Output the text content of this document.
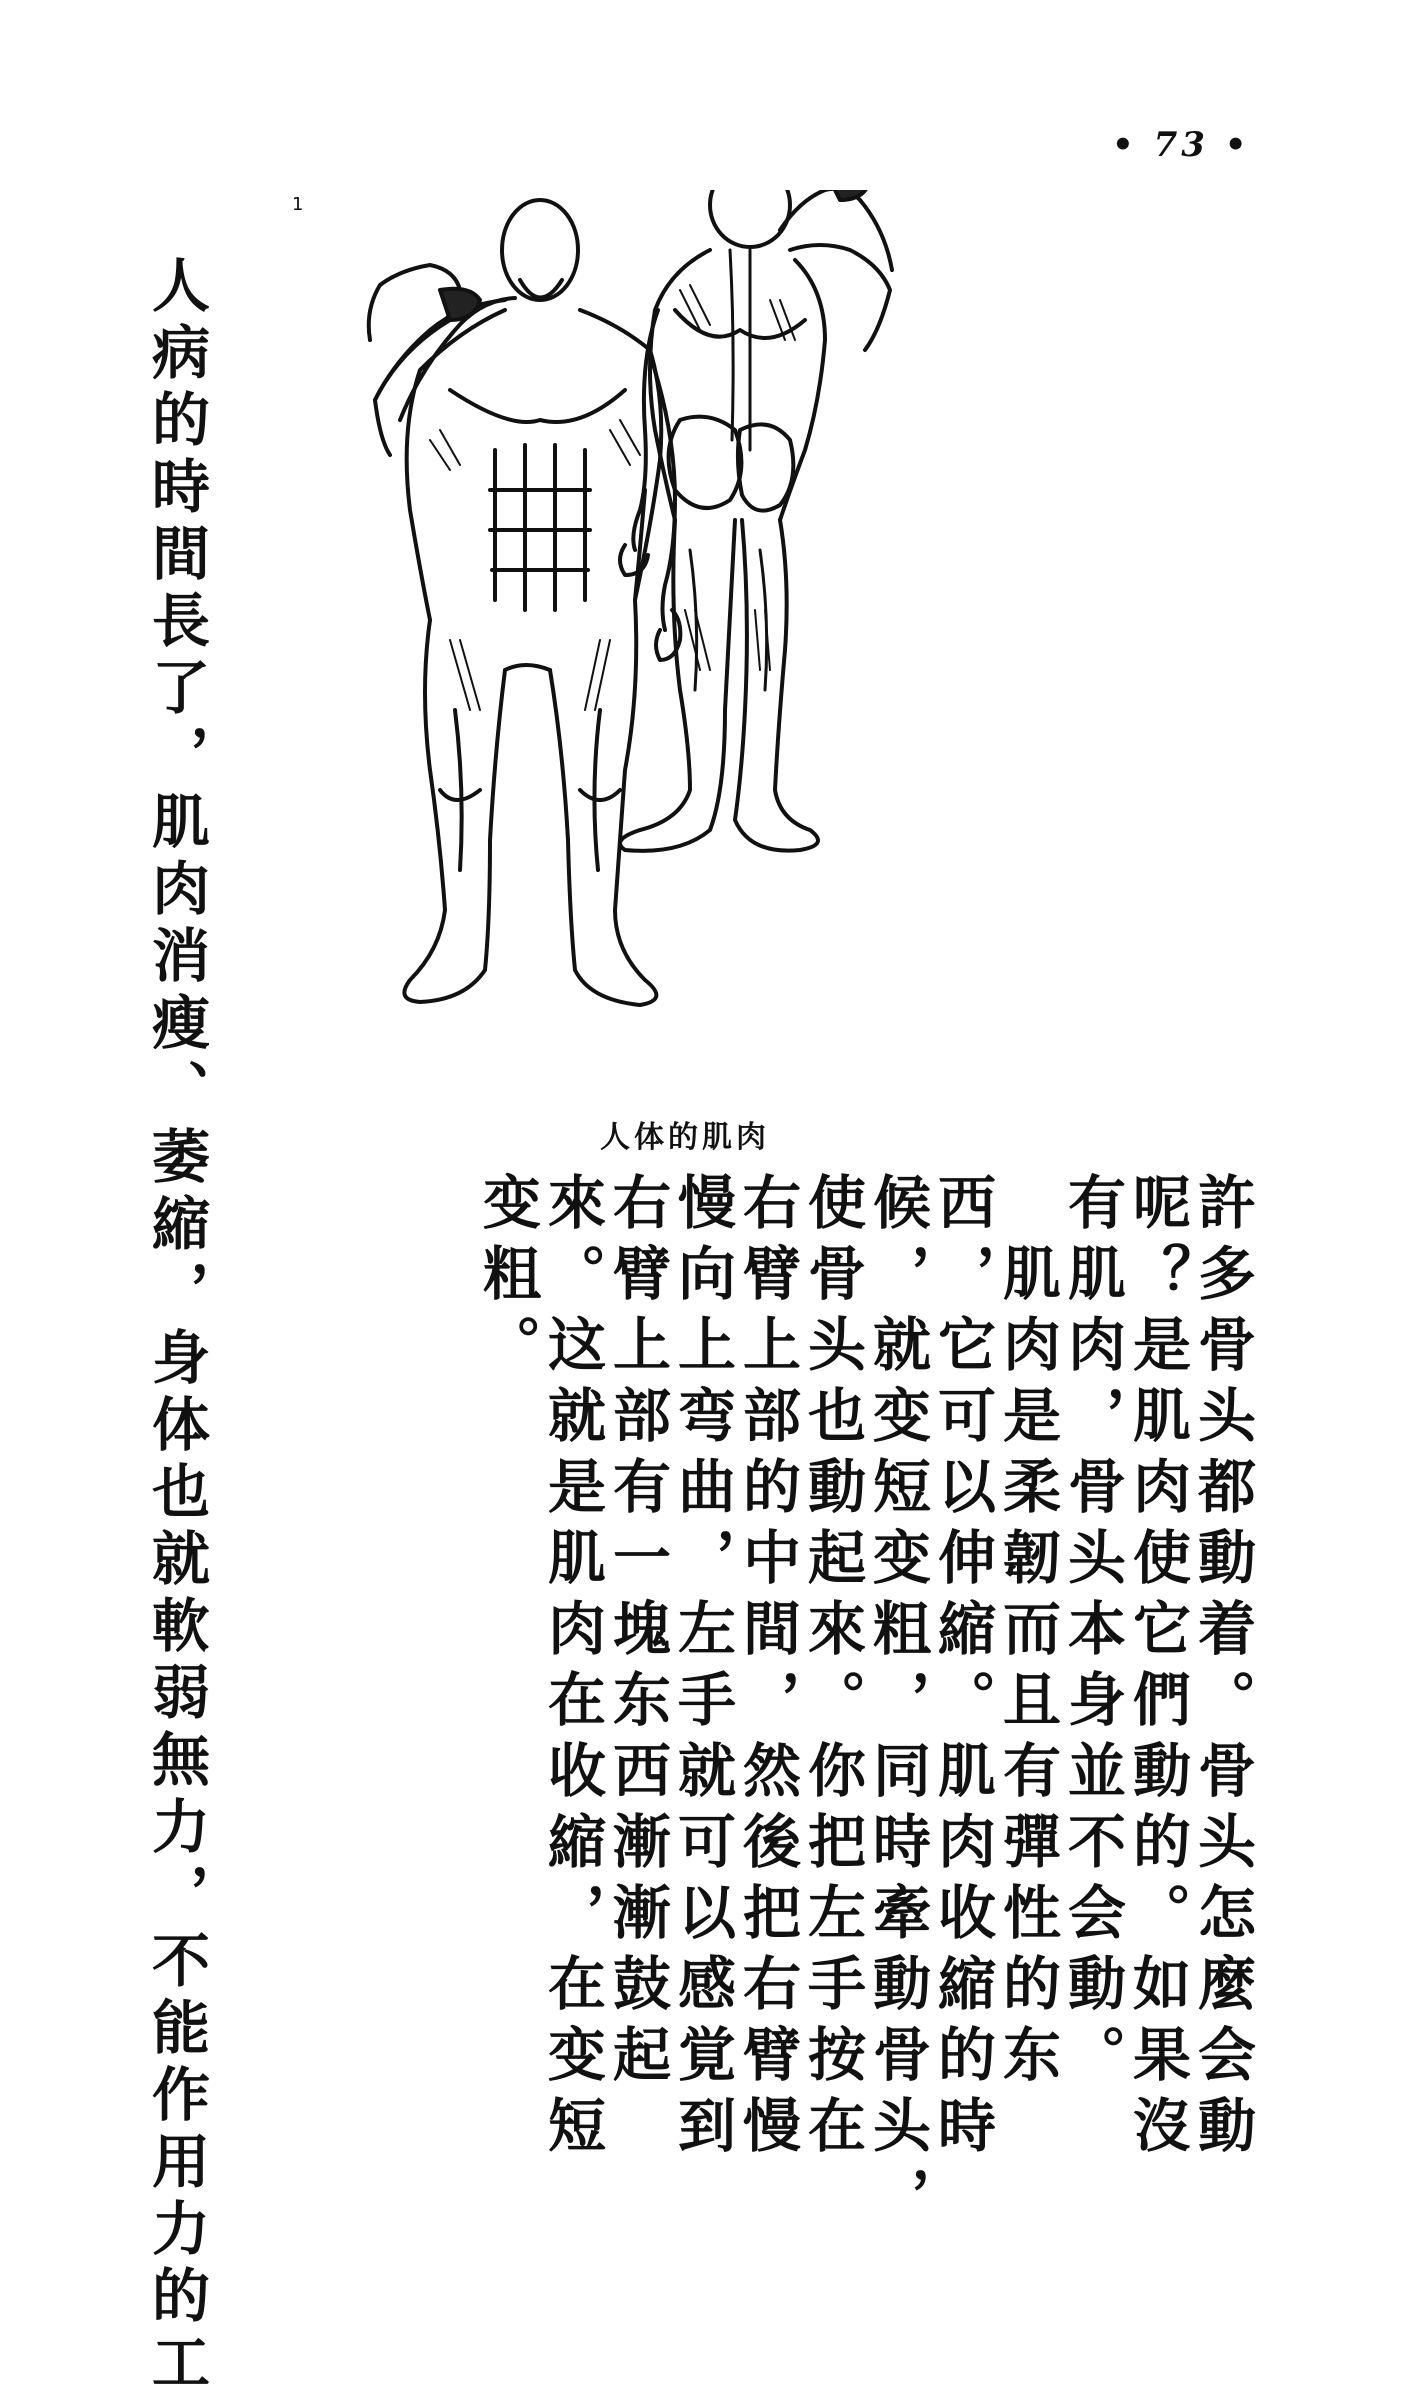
• 73 •
1
人体的肌肉
許多骨头都動着。骨头怎麼会動
呢？是肌肉使它們動的。如果沒
有肌肉，骨头本身並不会動。
　肌肉是柔韌而且有彈性的东
西，它可以伸縮。肌肉收縮的時
候，就变短变粗，同時牽動骨头，
使骨头也動起來。你把左手按在
右臂上部的中間，然後把右臂慢
慢向上弯曲，左手就可以感覚到
右臂上部有一塊东西漸漸鼓起
來。这就是肌肉在收縮，在变短
变粗。
人病的時間長了，肌肉消瘦、萎縮，身体也就軟弱無力，不能作用力的工
